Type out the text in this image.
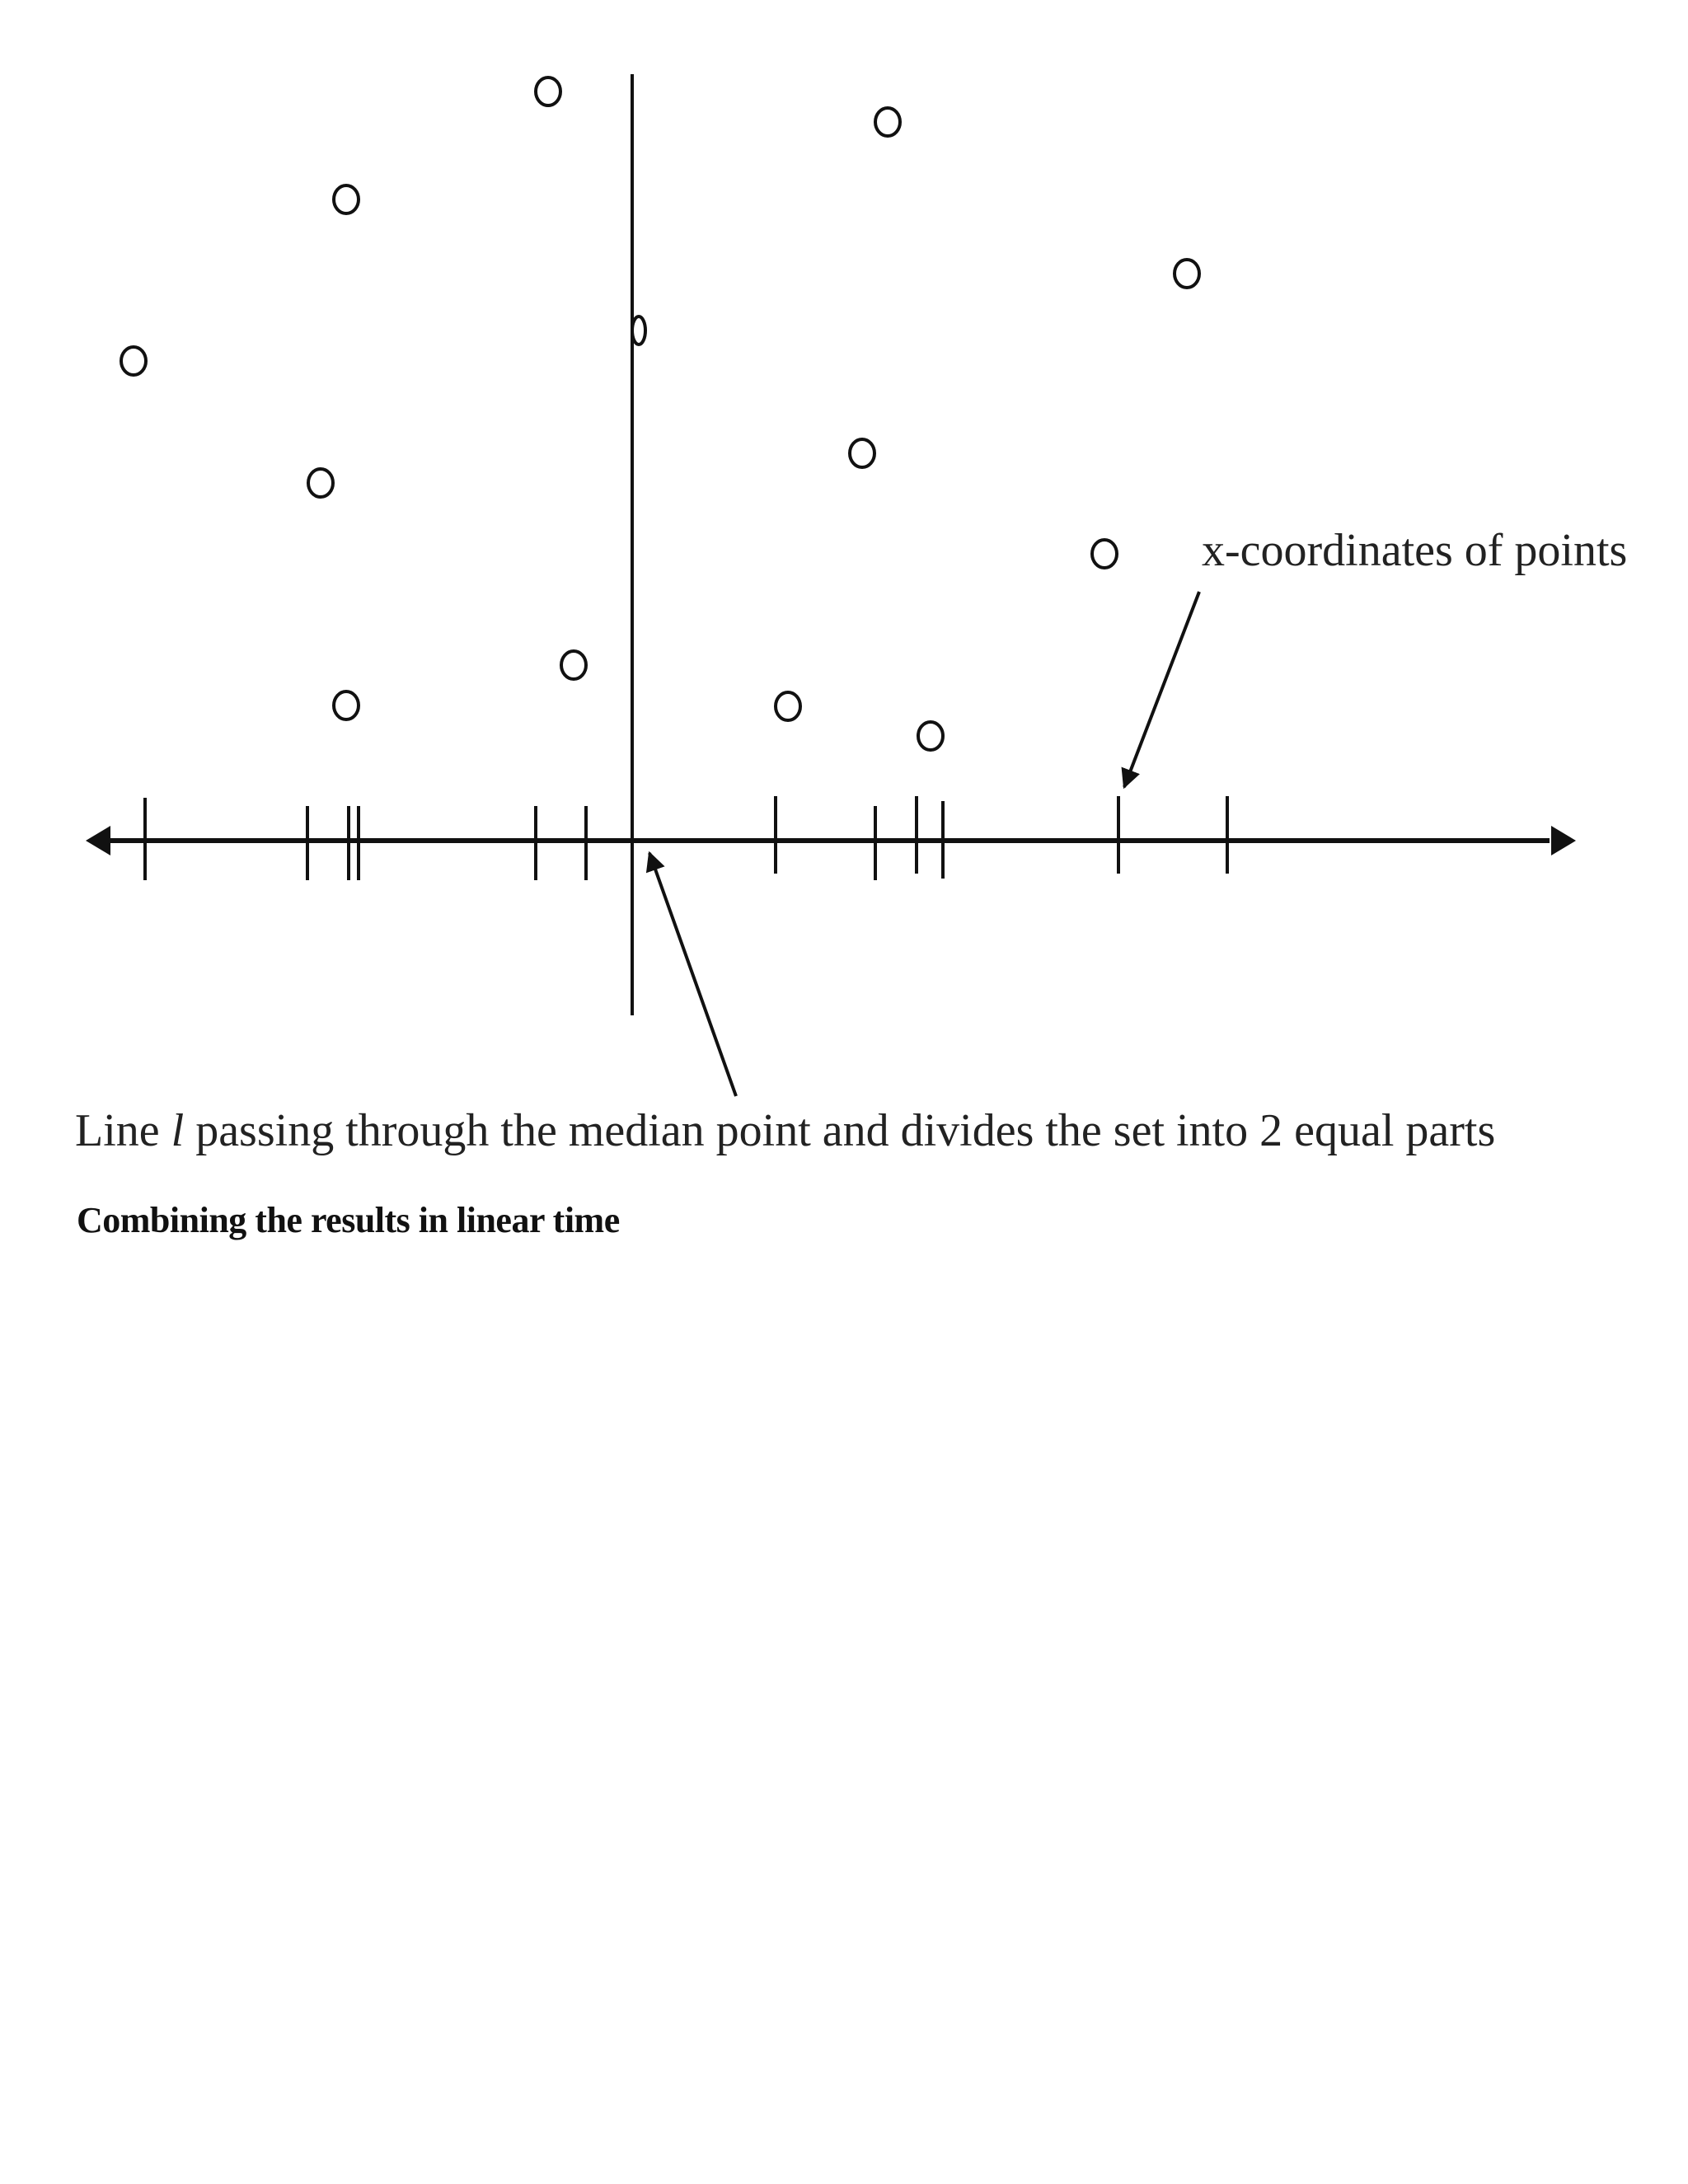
x-coordinates of points
Line l passing through the median point and divides the set into 2 equal parts
Combining the results in linear time
